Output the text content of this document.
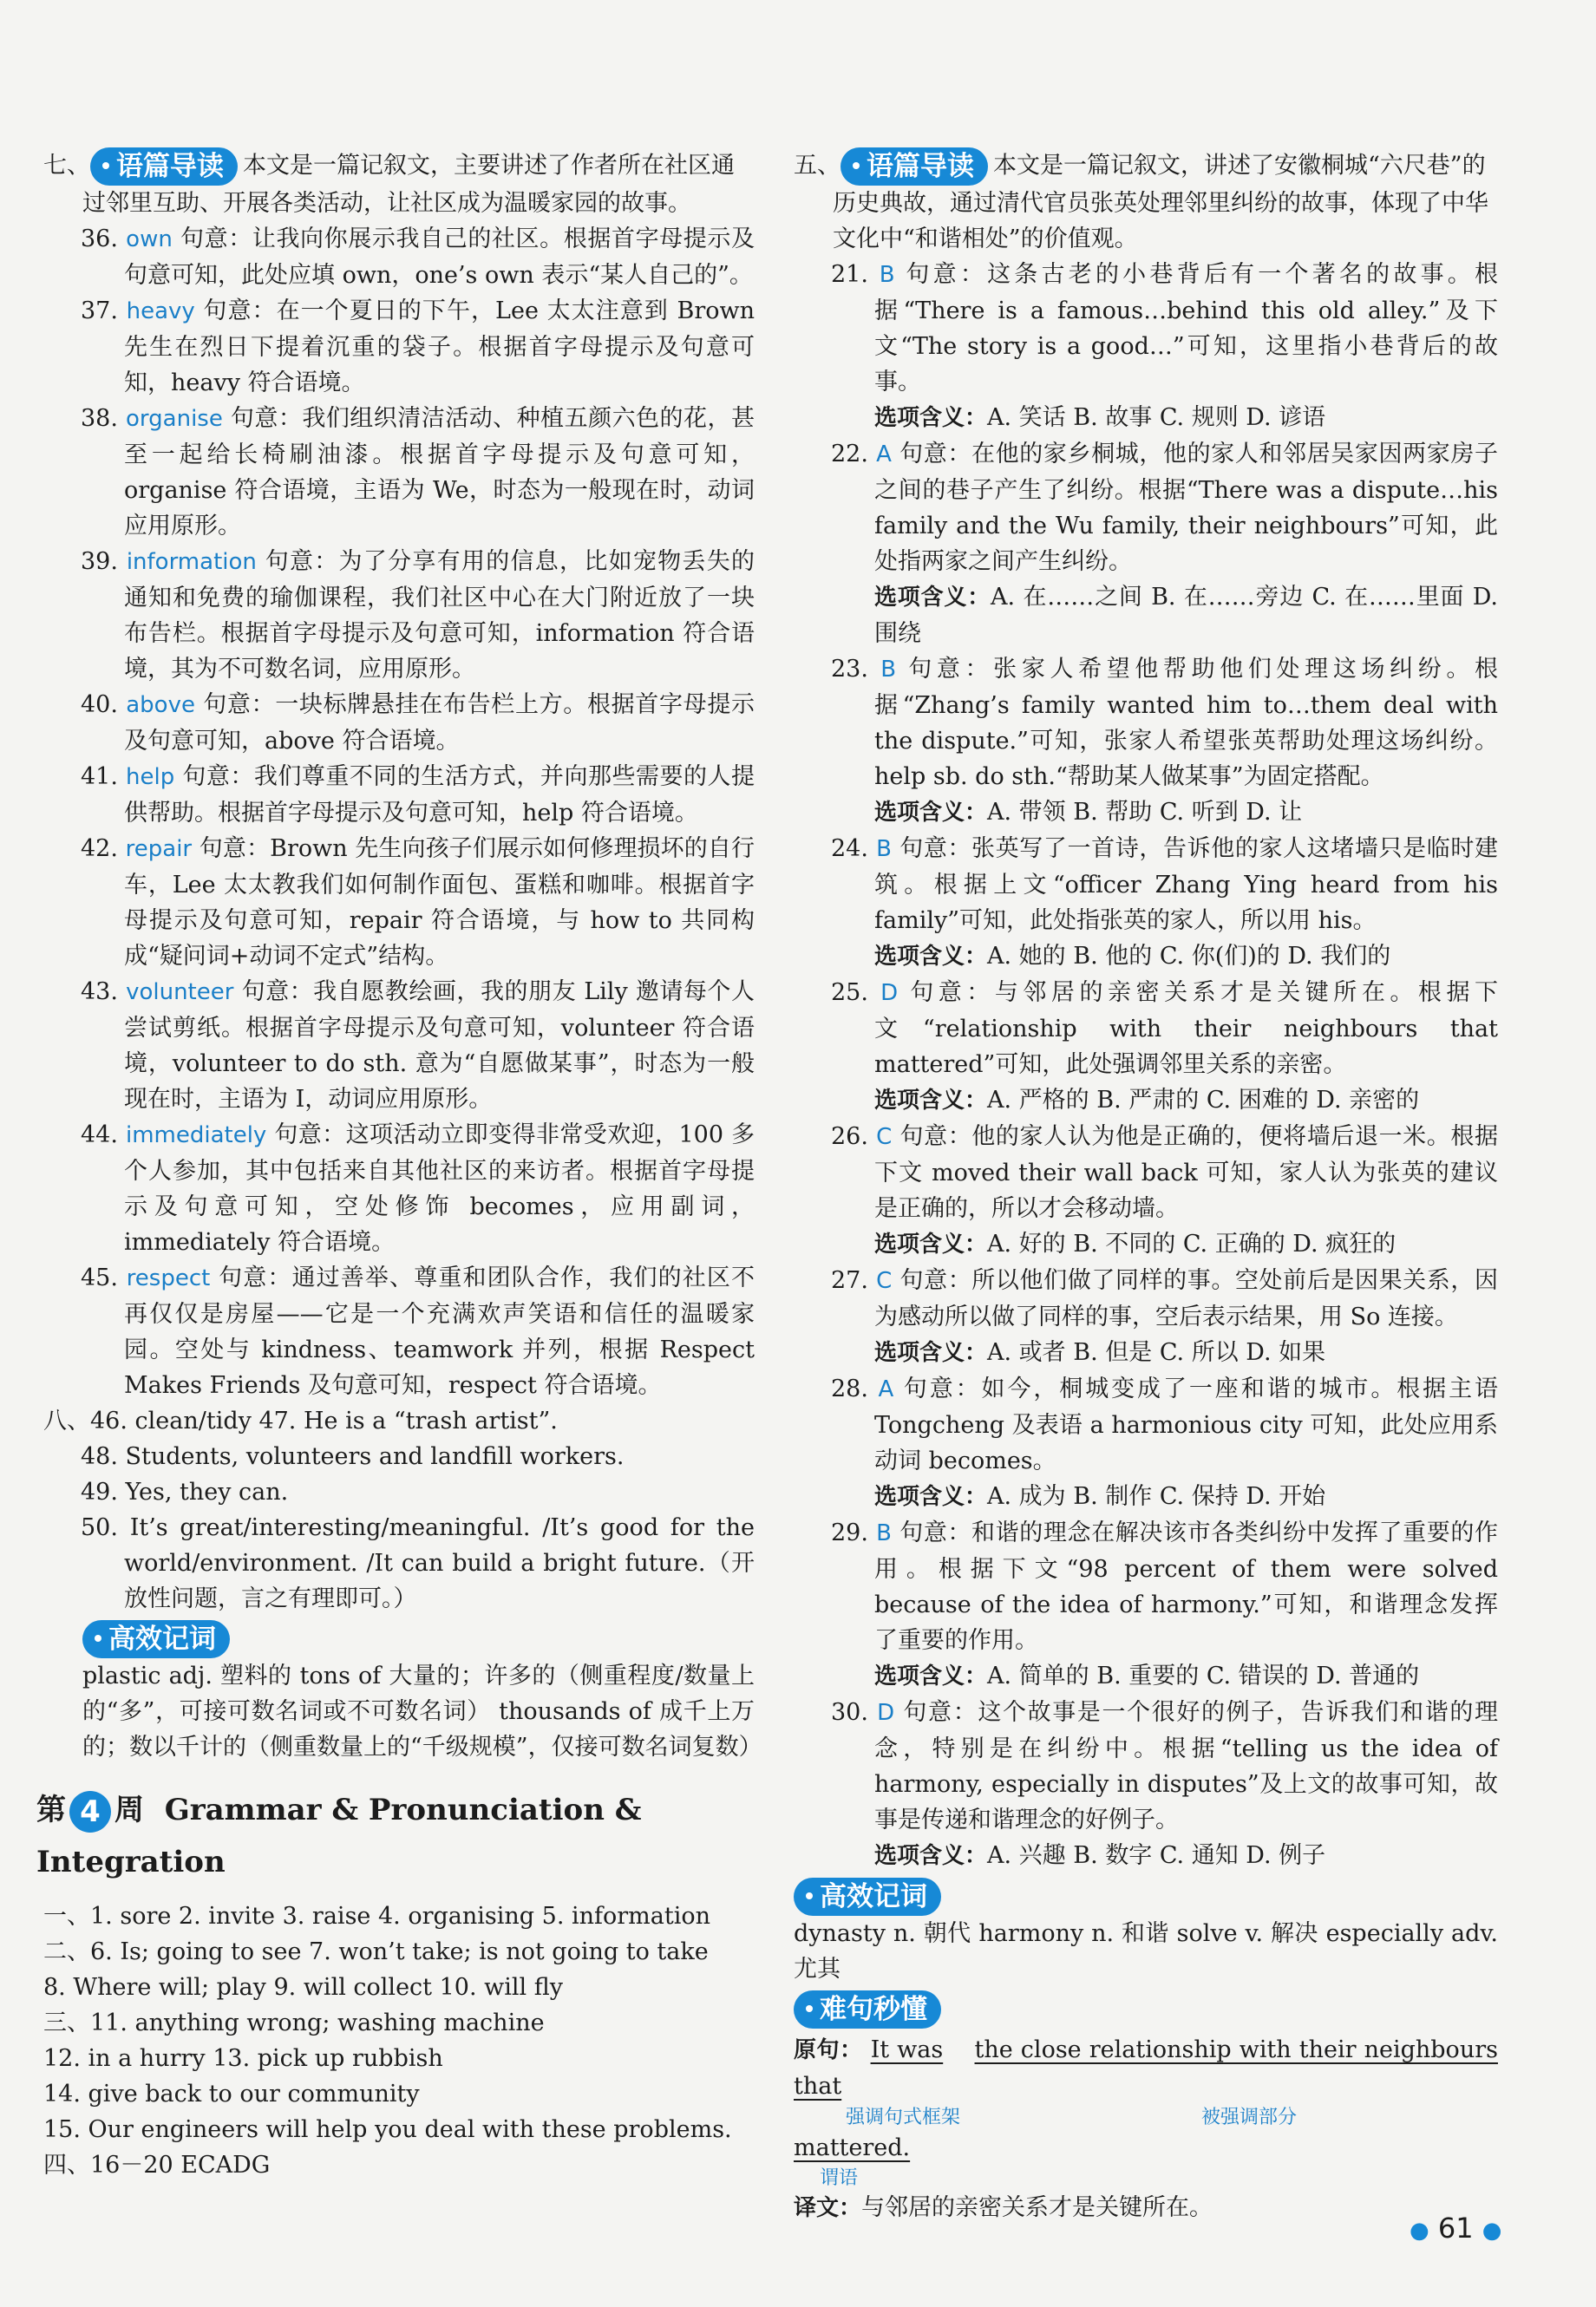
七、 语篇导读 本文是一篇记叙文，主要讲述了作者所在社区通过邻里互助、开展各类活动，让社区成为温暖家园的故事。

36. own 句意：让我向你展示我自己的社区。根据首字母提示及句意可知，此处应填 own，one’s own 表示“某人自己的”。

37. heavy 句意：在一个夏日的下午，Lee 太太注意到 Brown 先生在烈日下提着沉重的袋子。根据首字母提示及句意可知，heavy 符合语境。

38. organise 句意：我们组织清洁活动、种植五颜六色的花，甚至一起给长椅刷油漆。根据首字母提示及句意可知，organise 符合语境，主语为 We，时态为一般现在时，动词应用原形。

39. information 句意：为了分享有用的信息，比如宠物丢失的通知和免费的瑜伽课程，我们社区中心在大门附近放了一块布告栏。根据首字母提示及句意可知，information 符合语境，其为不可数名词，应用原形。

40. above 句意：一块标牌悬挂在布告栏上方。根据首字母提示及句意可知，above 符合语境。

41. help 句意：我们尊重不同的生活方式，并向那些需要的人提供帮助。根据首字母提示及句意可知，help 符合语境。

42. repair 句意：Brown 先生向孩子们展示如何修理损坏的自行车，Lee 太太教我们如何制作面包、蛋糕和咖啡。根据首字母提示及句意可知，repair 符合语境，与 how to 共同构成“疑问词+动词不定式”结构。

43. volunteer 句意：我自愿教绘画，我的朋友 Lily 邀请每个人尝试剪纸。根据首字母提示及句意可知，volunteer 符合语境，volunteer to do sth. 意为“自愿做某事”，时态为一般现在时，主语为 I，动词应用原形。

44. immediately 句意：这项活动立即变得非常受欢迎，100 多个人参加，其中包括来自其他社区的来访者。根据首字母提示及句意可知，空处修饰 becomes，应用副词，immediately 符合语境。

45. respect 句意：通过善举、尊重和团队合作，我们的社区不再仅仅是房屋——它是一个充满欢声笑语和信任的温暖家园。空处与 kindness、teamwork 并列，根据 Respect Makes Friends 及句意可知，respect 符合语境。

八、46. clean/tidy 47. He is a “trash artist”.

48. Students, volunteers and landfill workers.

49. Yes, they can.

50. It’s great/interesting/meaningful. /It’s good for the world/environment. /It can build a bright future.（开放性问题，言之有理即可。）

高效记词

plastic adj. 塑料的 tons of 大量的；许多的（侧重程度/数量上的“多”，可接可数名词或不可数名词） thousands of 成千上万的；数以千计的（侧重数量上的“千级规模”，仅接可数名词复数）

第 4 周 Grammar & Pronunciation & Integration

一、1. sore 2. invite 3. raise 4. organising 5. information

二、6. Is; going to see 7. won’t take; is not going to take

8. Where will; play 9. will collect 10. will fly

三、11. anything wrong; washing machine

12. in a hurry 13. pick up rubbish

14. give back to our community

15. Our engineers will help you deal with these problems.

四、16－20 ECADG

五、 语篇导读 本文是一篇记叙文，讲述了安徽桐城“六尺巷”的历史典故，通过清代官员张英处理邻里纠纷的故事，体现了中华文化中“和谐相处”的价值观。

21. B 句意：这条古老的小巷背后有一个著名的故事。根据“There is a famous…behind this old alley.”及下文“The story is a good…”可知，这里指小巷背后的故事。

选项含义：A. 笑话 B. 故事 C. 规则 D. 谚语

22. A 句意：在他的家乡桐城，他的家人和邻居吴家因两家房子之间的巷子产生了纠纷。根据“There was a dispute…his family and the Wu family, their neighbours”可知，此处指两家之间产生纠纷。

选项含义：A. 在……之间 B. 在……旁边 C. 在……里面 D. 围绕

23. B 句意：张家人希望他帮助他们处理这场纠纷。根据“Zhang’s family wanted him to…them deal with the dispute.”可知，张家人希望张英帮助处理这场纠纷。help sb. do sth.“帮助某人做某事”为固定搭配。

选项含义：A. 带领 B. 帮助 C. 听到 D. 让

24. B 句意：张英写了一首诗，告诉他的家人这堵墙只是临时建筑。根据上文“officer Zhang Ying heard from his family”可知，此处指张英的家人，所以用 his。

选项含义：A. 她的 B. 他的 C. 你(们)的 D. 我们的

25. D 句意：与邻居的亲密关系才是关键所在。根据下文“relationship with their neighbours that mattered”可知，此处强调邻里关系的亲密。

选项含义：A. 严格的 B. 严肃的 C. 困难的 D. 亲密的

26. C 句意：他的家人认为他是正确的，便将墙后退一米。根据下文 moved their wall back 可知，家人认为张英的建议是正确的，所以才会移动墙。

选项含义：A. 好的 B. 不同的 C. 正确的 D. 疯狂的

27. C 句意：所以他们做了同样的事。空处前后是因果关系，因为感动所以做了同样的事，空后表示结果，用 So 连接。

选项含义：A. 或者 B. 但是 C. 所以 D. 如果

28. A 句意：如今，桐城变成了一座和谐的城市。根据主语 Tongcheng 及表语 a harmonious city 可知，此处应用系动词 becomes。

选项含义：A. 成为 B. 制作 C. 保持 D. 开始

29. B 句意：和谐的理念在解决该市各类纠纷中发挥了重要的作用。根据下文“98 percent of them were solved because of the idea of harmony.”可知，和谐理念发挥了重要的作用。

选项含义：A. 简单的 B. 重要的 C. 错误的 D. 普通的

30. D 句意：这个故事是一个很好的例子，告诉我们和谐的理念，特别是在纠纷中。根据“telling us the idea of harmony, especially in disputes”及上文的故事可知，故事是传递和谐理念的好例子。

选项含义：A. 兴趣 B. 数字 C. 通知 D. 例子

高效记词

dynasty n. 朝代 harmony n. 和谐 solve v. 解决 especially adv. 尤其

难句秒懂

原句： It was the close relationship with their neighbours that

强调句式框架	被强调部分

mattered.

谓语

译文：与邻居的亲密关系才是关键所在。

● 61 ●
